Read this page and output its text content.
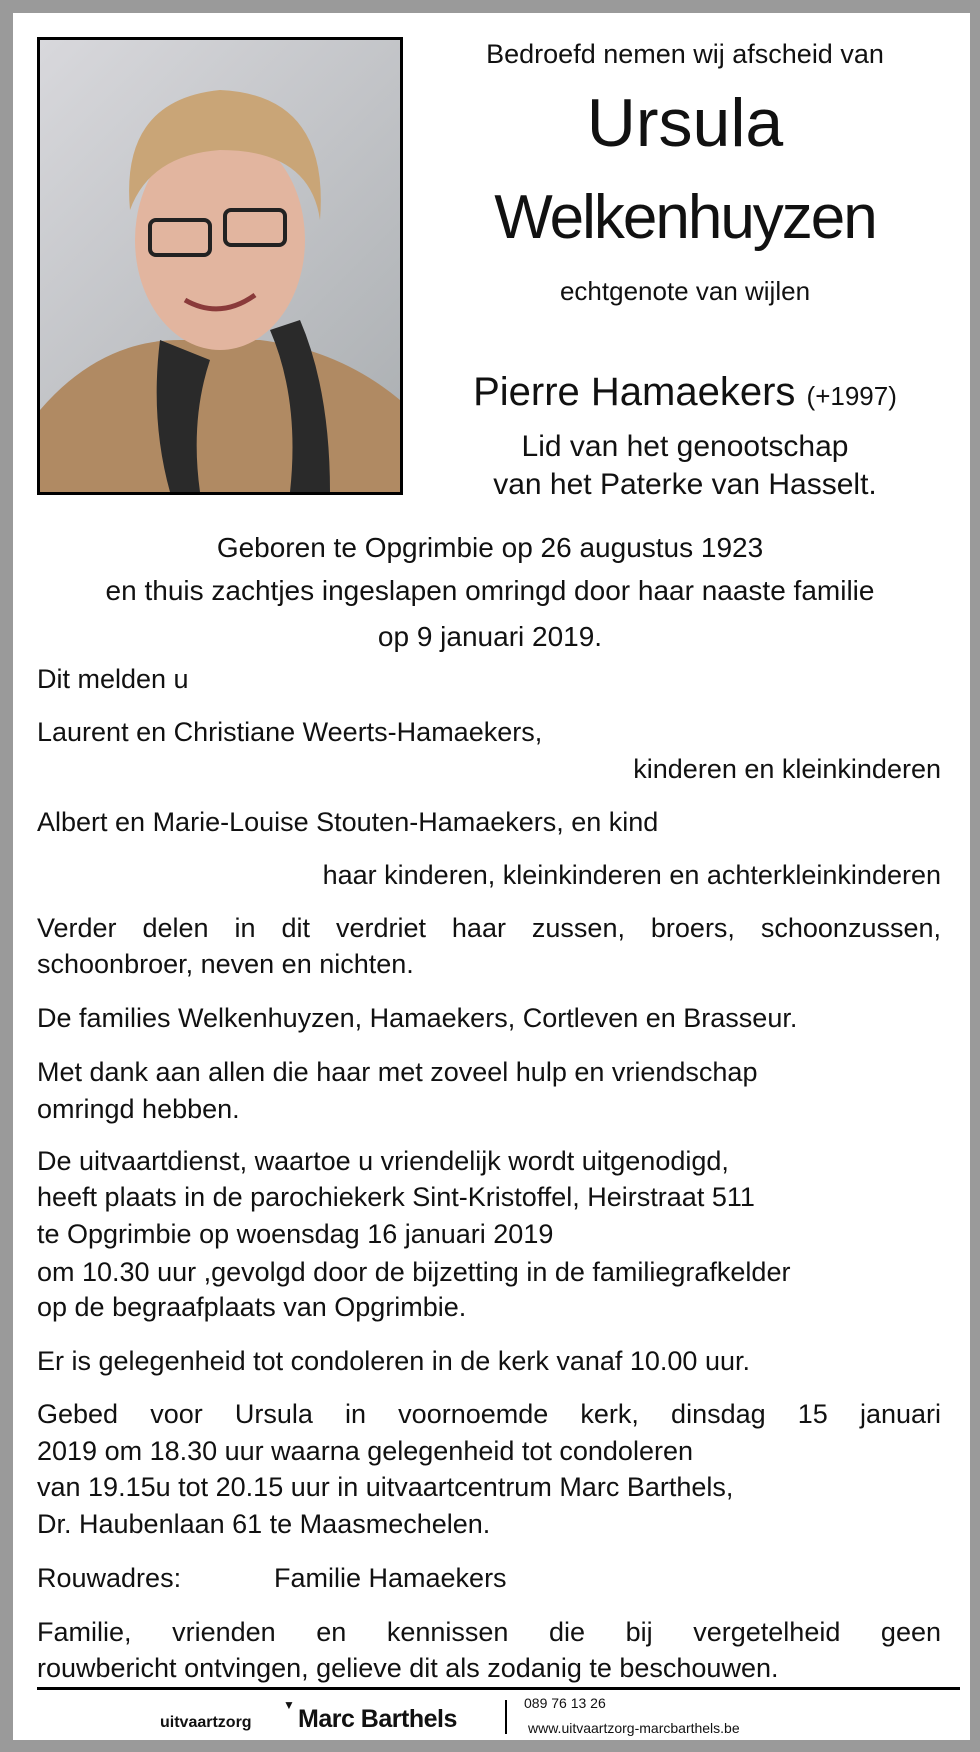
Bedroefd nemen wij afscheid van
Ursula
Welkenhuyzen
echtgenote van wijlen
Pierre Hamaekers (+1997)
Lid van het genootschap
van het Paterke van Hasselt.
Geboren te Opgrimbie op 26 augustus 1923
en thuis zachtjes ingeslapen omringd door haar naaste familie
op 9 januari 2019.
Dit melden u
Laurent en Christiane Weerts-Hamaekers,
kinderen en kleinkinderen
Albert en Marie-Louise Stouten-Hamaekers, en kind
haar kinderen, kleinkinderen en achterkleinkinderen
Verder delen in dit verdriet haar zussen, broers, schoonzussen,
schoonbroer, neven en nichten.
De families Welkenhuyzen, Hamaekers, Cortleven en Brasseur.
Met dank aan allen die haar met zoveel hulp en vriendschap
omringd hebben.
De uitvaartdienst, waartoe u vriendelijk wordt uitgenodigd,
heeft plaats in de parochiekerk Sint-Kristoffel, Heirstraat 511
te Opgrimbie op woensdag 16 januari 2019
om 10.30 uur ,gevolgd door de bijzetting in de familiegrafkelder
op de begraafplaats van Opgrimbie.
Er is gelegenheid tot condoleren in de kerk vanaf 10.00 uur.
Gebed voor Ursula in voornoemde kerk, dinsdag 15 januari
2019 om 18.30 uur waarna gelegenheid tot condoleren
van 19.15u tot 20.15 uur in uitvaartcentrum Marc Barthels,
Dr. Haubenlaan 61 te Maasmechelen.
Rouwadres:	Familie Hamaekers
Familie, vrienden en kennissen die bij vergetelheid geen
rouwbericht ontvingen, gelieve dit als zodanig te beschouwen.
uitvaartzorg
▼ Marc Barthels
089 76 13 26
www.uitvaartzorg-marcbarthels.be
